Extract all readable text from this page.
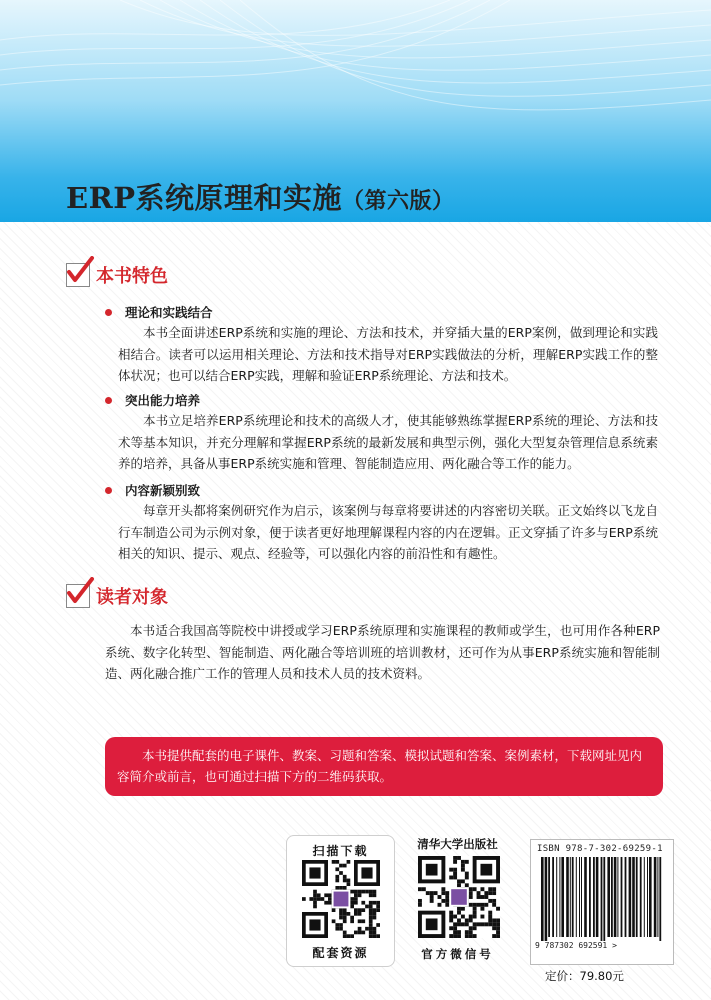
ERP系统原理和实施（第六版）
本书特色
理论和实践结合

本书全面讲述ERP系统和实施的理论、方法和技术，并穿插大量的ERP案例，做到理论和实践相结合。读者可以运用相关理论、方法和技术指导对ERP实践做法的分析，理解ERP实践工作的整体状况；也可以结合ERP实践，理解和验证ERP系统理论、方法和技术。

突出能力培养

本书立足培养ERP系统理论和技术的高级人才，使其能够熟练掌握ERP系统的理论、方法和技术等基本知识，并充分理解和掌握ERP系统的最新发展和典型示例，强化大型复杂管理信息系统素养的培养，具备从事ERP系统实施和管理、智能制造应用、两化融合等工作的能力。

内容新颖别致

每章开头都将案例研究作为启示，该案例与每章将要讲述的内容密切关联。正文始终以飞龙自行车制造公司为示例对象，便于读者更好地理解课程内容的内在逻辑。正文穿插了许多与ERP系统相关的知识、提示、观点、经验等，可以强化内容的前沿性和有趣性。

读者对象

本书适合我国高等院校中讲授或学习ERP系统原理和实施课程的教师或学生，也可用作各种ERP系统、数字化转型、智能制造、两化融合等培训班的培训教材，还可作为从事ERP系统实施和智能制造、两化融合推广工作的管理人员和技术人员的技术资料。

本书提供配套的电子课件、教案、习题和答案、模拟试题和答案、案例素材，下载网址见内容简介或前言，也可通过扫描下方的二维码获取。
扫描下载
配套资源
清华大学出版社
官方微信号
ISBN 978-7-302-69259-1
9 787302 692591 >
定价：79.80元
